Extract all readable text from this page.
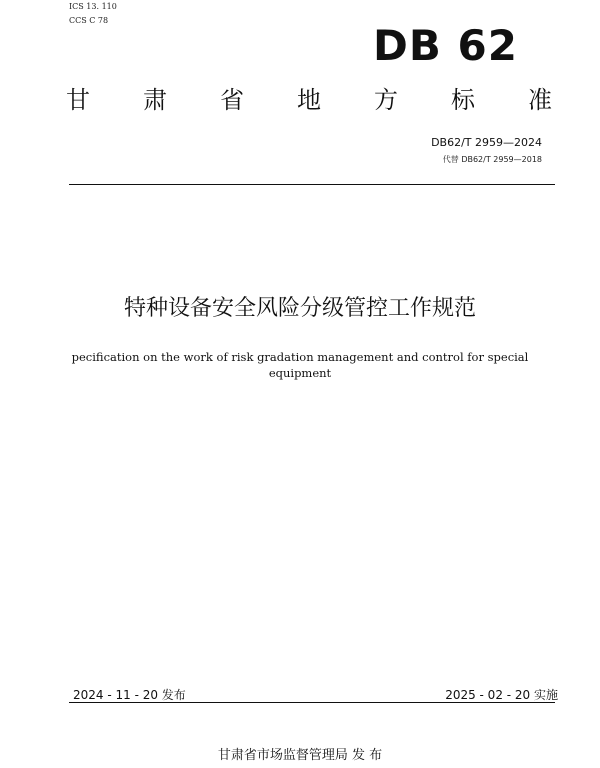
ICS 13. 110
CCS C 78
DB 62
甘 肃 省 地 方 标 准
DB62/T 2959—2024
代替 DB62/T 2959—2018
特种设备安全风险分级管控工作规范
pecification on the work of risk gradation management and control for special equipment
2024 - 11 - 20 发布	2025 - 02 - 20 实施
甘肃省市场监督管理局 发 布
